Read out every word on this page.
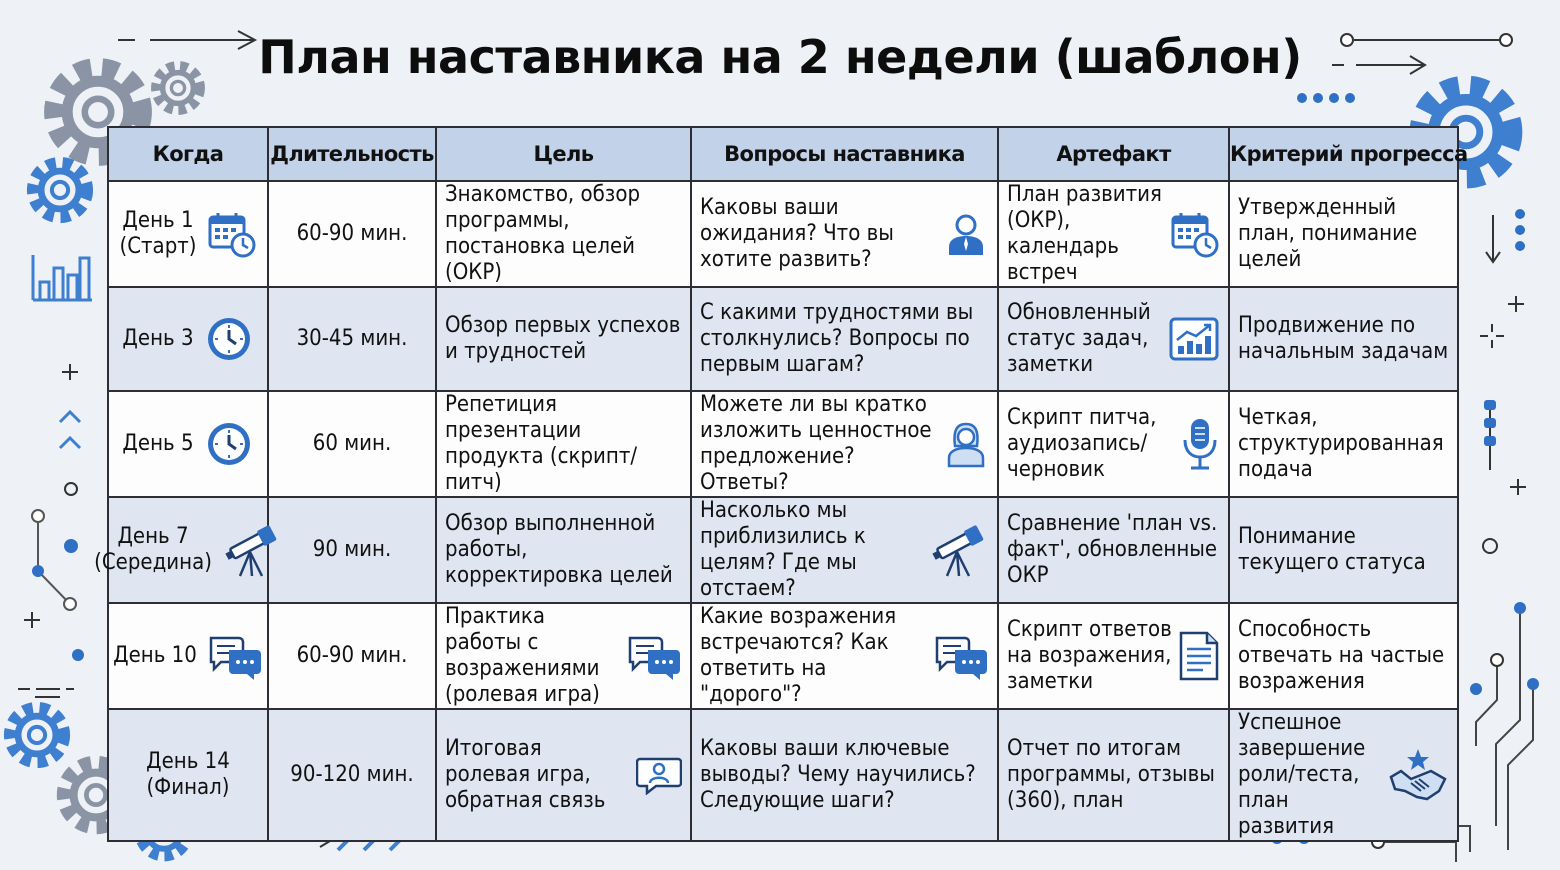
План наставника на 2 недели (шаблон)
Когда	Длительность	Цель	Вопросы наставника	Артефакт	Критерий прогресса

День 1
(Старт)	60-90 мин.	Знакомство, обзор программы, постановка целей (ОКР)	Каковы ваши ожидания? Что вы хотите развить?	План развития (ОКР), календарь встреч	Утвержденный план, понимание целей

День 3	30-45 мин.	Обзор первых успехов и трудностей	С какими трудностями вы столкнулись? Вопросы по первым шагам?	Обновленный статус задач, заметки	Продвижение по начальным задачам

День 5	60 мин.	Репетиция презентации продукта (скрипт/питч)	Можете ли вы кратко изложить ценностное предложение? Ответы?	Скрипт питча, аудиозапись/ черновик	Четкая, структурированная подача

День 7
(Середина)	90 мин.	Обзор выполненной работы, корректировка целей	Насколько мы приблизились к целям? Где мы отстаем?	Сравнение 'план vs. факт', обновленные ОКР	Понимание текущего статуса

День 10	60-90 мин.	Практика работы с возражениями (ролевая игра)	Какие возражения встречаются? Как ответить на "дорого"?	Скрипт ответов на возражения, заметки	Способность отвечать на частые возражения

День 14
(Финал)	90-120 мин.	Итоговая ролевая игра, обратная связь	Каковы ваши ключевые выводы? Чему научились? Следующие шаги?	Отчет по итогам программы, отзывы (360), план	Успешное завершение роли/теста, план развития
